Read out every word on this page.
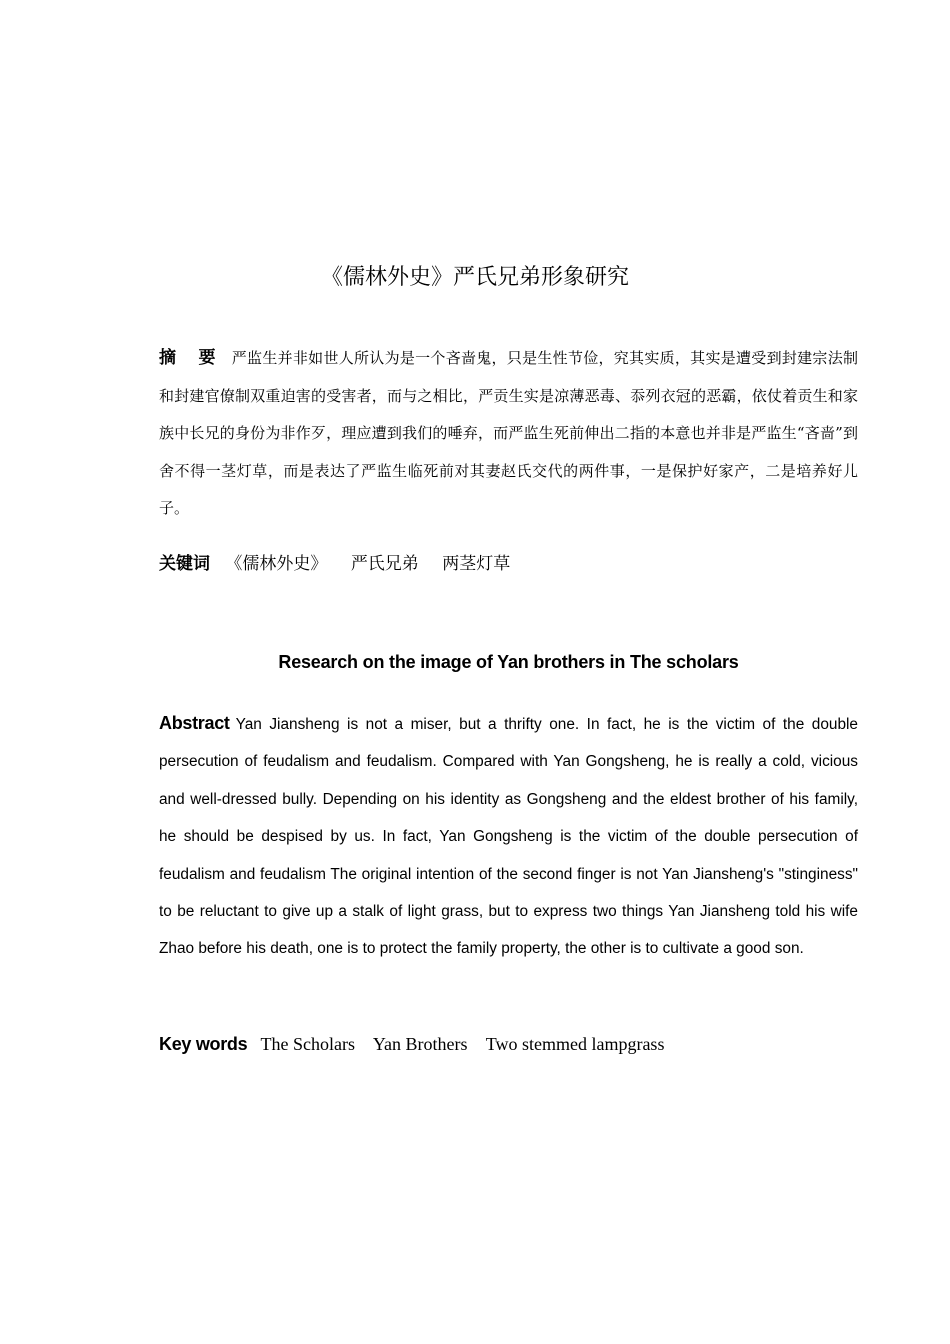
《儒林外史》严氏兄弟形象研究
摘 要 严监生并非如世人所认为是一个吝啬鬼，只是生性节俭，究其实质，其实是遭受到封建宗法制和封建官僚制双重迫害的受害者，而与之相比，严贡生实是凉薄恶毒、忝列衣冠的恶霸，依仗着贡生和家族中长兄的身份为非作歹，理应遭到我们的唾弃，而严监生死前伸出二指的本意也并非是严监生“吝啬”到舍不得一茎灯草，而是表达了严监生临死前对其妻赵氏交代的两件事，一是保护好家产，二是培养好儿子。
关键词 《儒林外史》 严氏兄弟 两茎灯草
Research on the image of Yan brothers in The scholars
Abstract Yan Jiansheng is not a miser, but a thrifty one. In fact, he is the victim of the double persecution of feudalism and feudalism. Compared with Yan Gongsheng, he is really a cold, vicious and well-dressed bully. Depending on his identity as Gongsheng and the eldest brother of his family, he should be despised by us. In fact, Yan Gongsheng is the victim of the double persecution of feudalism and feudalism The original intention of the second finger is not Yan Jiansheng's "stinginess" to be reluctant to give up a stalk of light grass, but to express two things Yan Jiansheng told his wife Zhao before his death, one is to protect the family property, the other is to cultivate a good son.
Key words The Scholars Yan Brothers Two stemmed lampgrass
